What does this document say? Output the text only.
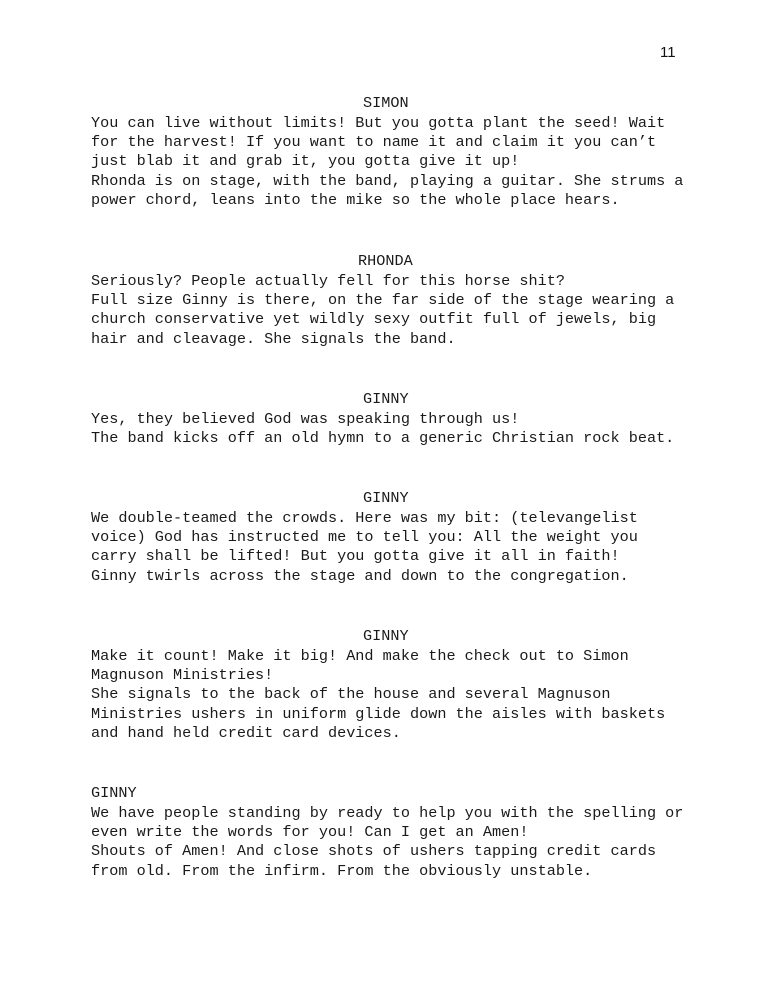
11
SIMON
You can live without limits! But you gotta plant the seed! Wait
for the harvest! If you want to name it and claim it you can’t
just blab it and grab it, you gotta give it up!
Rhonda is on stage, with the band, playing a guitar. She strums a
power chord, leans into the mike so the whole place hears.
RHONDA
Seriously? People actually fell for this horse shit?
Full size Ginny is there, on the far side of the stage wearing a
church conservative yet wildly sexy outfit full of jewels, big
hair and cleavage. She signals the band.
GINNY
Yes, they believed God was speaking through us!
The band kicks off an old hymn to a generic Christian rock beat.
GINNY
We double-teamed the crowds. Here was my bit: (televangelist
voice) God has instructed me to tell you: All the weight you
carry shall be lifted! But you gotta give it all in faith!
Ginny twirls across the stage and down to the congregation.
GINNY
Make it count! Make it big! And make the check out to Simon
Magnuson Ministries!
She signals to the back of the house and several Magnuson
Ministries ushers in uniform glide down the aisles with baskets
and hand held credit card devices.
GINNY
We have people standing by ready to help you with the spelling or
even write the words for you! Can I get an Amen!
Shouts of Amen! And close shots of ushers tapping credit cards
from old. From the infirm. From the obviously unstable.
